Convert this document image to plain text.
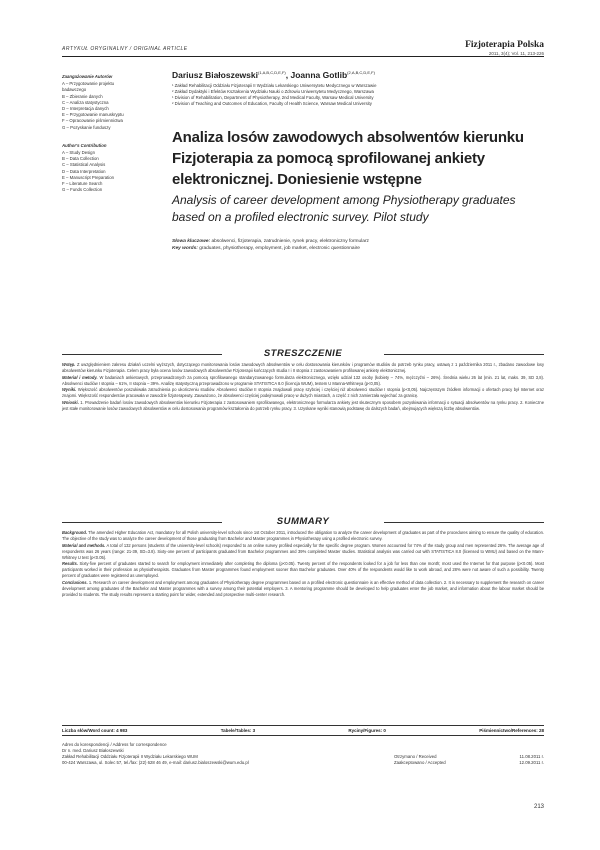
ARTYKUŁ ORYGINALNY / ORIGINAL ARTICLE	Fizjoterapia Polska
2011, 3(4); Vol. 11, 213-226
Zaangażowanie Autorów
A – Przygotowanie projektu
badawczego
B – Zbieranie danych
C – Analiza statystyczna
D – Interpretacja danych
E – Przygotowanie manuskryptu
F – Opracowanie piśmiennictwa
G – Pozyskanie funduszy
Author's Contribution
A – Study Design
B – Data Collection
C – Statistical Analysis
D – Data Interpretation
E – Manuscript Preparation
F – Literature Search
G – Funds Collection
Dariusz Białoszewski$^{(1,A,B,C,D,E,F)}$, Joanna Gotlib$^{(2,A,B,C,D,E,F)}$
¹ Zakład Rehabilitacji Oddziału Fizjoterapii II Wydziału Lekarskiego Uniwersytetu Medycznego w Warszawie
² Zakład Dydaktyki i Efektów Kształcenia Wydziału Nauki o Zdrowiu Uniwersytetu Medycznego, Warszawa
¹ Division of Rehabilitation, Department of Physiotherapy, 2nd Medical Faculty, Warsaw Medical University
² Division of Teaching and Outcomes of Education, Faculty of Health Science, Warsaw Medical University
Analiza losów zawodowych absolwentów kierunku Fizjoterapia za pomocą sprofilowanej ankiety elektronicznej. Doniesienie wstępne
Analysis of career development among Physiotherapy graduates based on a profiled electronic survey. Pilot study
Słowa kluczowe: absolwenci, fizjoterapia, zatrudnienie, rynek pracy, elektroniczny formularz
Key words: graduates, physiotherapy, employment, job market, electronic questionnaire
STRESZCZENIE

Wstęp. Z uwzględnieniem zakresu działań uczelni wyższych, dotyczącego monitorowania losów zawodowych absolwentów w celu dostosowania kierunków i programów studiów do potrzeb rynku pracy, ustawą z 1 października 2011 r., zbadano zawodowe losy absolwentów kierunku Fizjoterapia. Celem pracy była ocena losów zawodowych absolwentów Fizjoterapii kończących studia I i II stopnia z zastosowaniem profilowanej ankiety elektronicznej.

Materiał i metody. W badaniach ankietowych, przeprowadzonych za pomocą sprofilowanego standaryzowanego formularza elektronicznego, wzięło udział 132 osoby (kobiety – 74%, mężczyźni – 26%). Średnia wieku 26 lat (min. 21 lat, maks. 39, SD 3,8). Absolwenci studiów I stopnia – 61%, II stopnia – 39%. Analizę statystyczną przeprowadzono w programie STATISTICA 8.0 (licencja WUM), testem U Manna-Whitneya (p<0,05).

Wyniki. Większość absolwentów poszukiwała zatrudnienia po ukończeniu studiów. Absolwenci studiów II stopnia znajdowali pracę szybciej i częściej niż absolwenci studiów I stopnia (p<0,05). Najczęstszym źródłem informacji o ofertach pracy był Internet oraz znajomi. Większość respondentów pracowała w zawodzie fizjoterapeuty. Zauważono, że absolwenci częściej podejmowali pracę w dużych miastach, a część z nich zamierzała wyjechać za granicę.

Wnioski. 1. Prowadzenie badań losów zawodowych absolwentów kierunku Fizjoterapia z zastosowaniem sprofilowanego, elektronicznego formularza ankiety jest skutecznym sposobem pozyskiwania informacji o sytuacji absolwentów na rynku pracy. 2. Konieczne jest stałe monitorowanie losów zawodowych absolwentów w celu dostosowania programów kształcenia do potrzeb rynku pracy. 3. Uzyskane wyniki stanowią podstawę do dalszych badań, obejmujących większą liczbę absolwentów.

SUMMARY

Background. The amended Higher Education Act, mandatory for all Polish university-level schools since 1st October 2011, introduced the obligation to analyze the career development of graduates as part of the procedures aiming to ensure the quality of education. The objective of the study was to analyze the career development of those graduating from Bachelor and Master programmes in Physiotherapy using a profiled electronic survey.

Material and methods. A total of 132 persons (students of the university-level schools) responded to an online survey profiled especially for the specific degree program. Women accounted for 74% of the study group and men represented 26%. The average age of respondents was 26 years (range: 21-39, SD=3.8). Sixty-one percent of participants graduated from Bachelor programmes and 39% completed Master studies. Statistical analysis was carried out with STATISTICA 8.0 (licensed to WMU) and based on the Mann-Whitney U test (p<0.05).

Results. Sixty-five percent of graduates started to search for employment immediately after completing the diploma (p<0.05). Twenty percent of the respondents looked for a job for less than one month; most used the Internet for that purpose (p<0.05). Most participants worked in their profession as physiotherapists. Graduates from Master programmes found employment sooner than Bachelor graduates. Over 40% of the respondents would like to work abroad, and 28% were not aware of such a possibility. Twenty percent of graduates were registered as unemployed.

Conclusions. 1. Research on career development and employment among graduates of Physiotherapy degree programmes based on a profiled electronic questionnaire is an effective method of data collection. 2. It is necessary to supplement the research on career development among graduates of the Bachelor and Master programmes with a survey among their potential employers. 3. A mentoring programme should be developed to help graduates enter the job market, and information about the labour market should be provided to students. The study results represent a starting point for wider, extended and prospective multi-center research.

Liczba słów/Word count: 4 983	Tabele/Tables: 3	Ryciny/Figures: 0	Piśmiennictwo/References: 28
Adres do korespondencji / Address for correspondence
Dr n. med. Dariusz Białoszewski
Zakład Rehabilitacji Oddziału Fizjoterapii II Wydziału Lekarskiego WUM
00-424 Warszawa, ul. Solec 57, tel./fax: (22) 628 46 49, e-mail: dariusz.bialoszewski@wum.edu.pl
Otrzymano / Received	11.08.2011 r.
Zaakceptowano / Accepted	12.09.2011 r.
213
